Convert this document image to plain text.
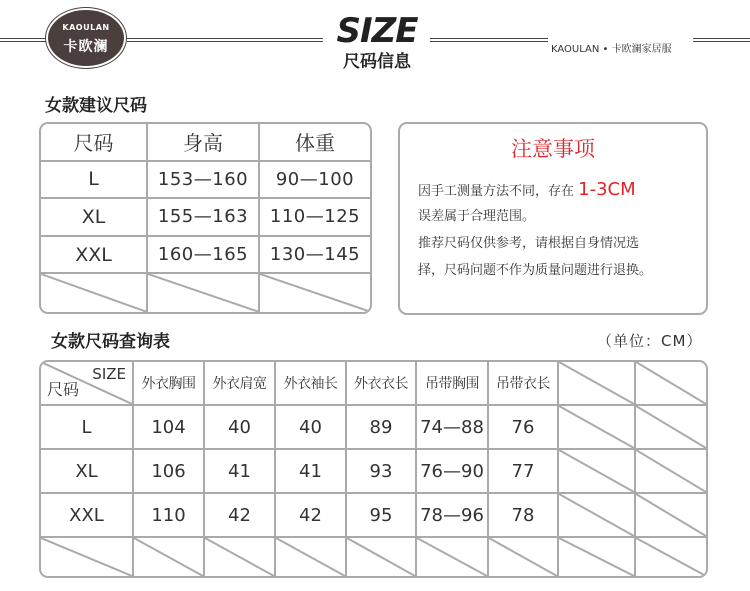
KAOULAN
卡欧澜	SIZE
尺码信息
KAOULAN • 卡欧澜家居服
女款建议尺码
尺码	身高	体重
L	153—160	90—100
XL	155—163	110—125
XXL	160—165	130—145
注意事项
因手工测量方法不同，存在 1-3CM
误差属于合理范围。
推荐尺码仅供参考，请根据自身情况选
择，尺码问题不作为质量问题进行退换。
女款尺码查询表	（单位：CM）
SIZE
尺码	外衣胸围	外衣肩宽	外衣袖长	外衣衣长	吊带胸围	吊带衣长
L	104	40	40	89	74—88	76
XL	106	41	41	93	76—90	77
XXL	110	42	42	95	78—96	78
